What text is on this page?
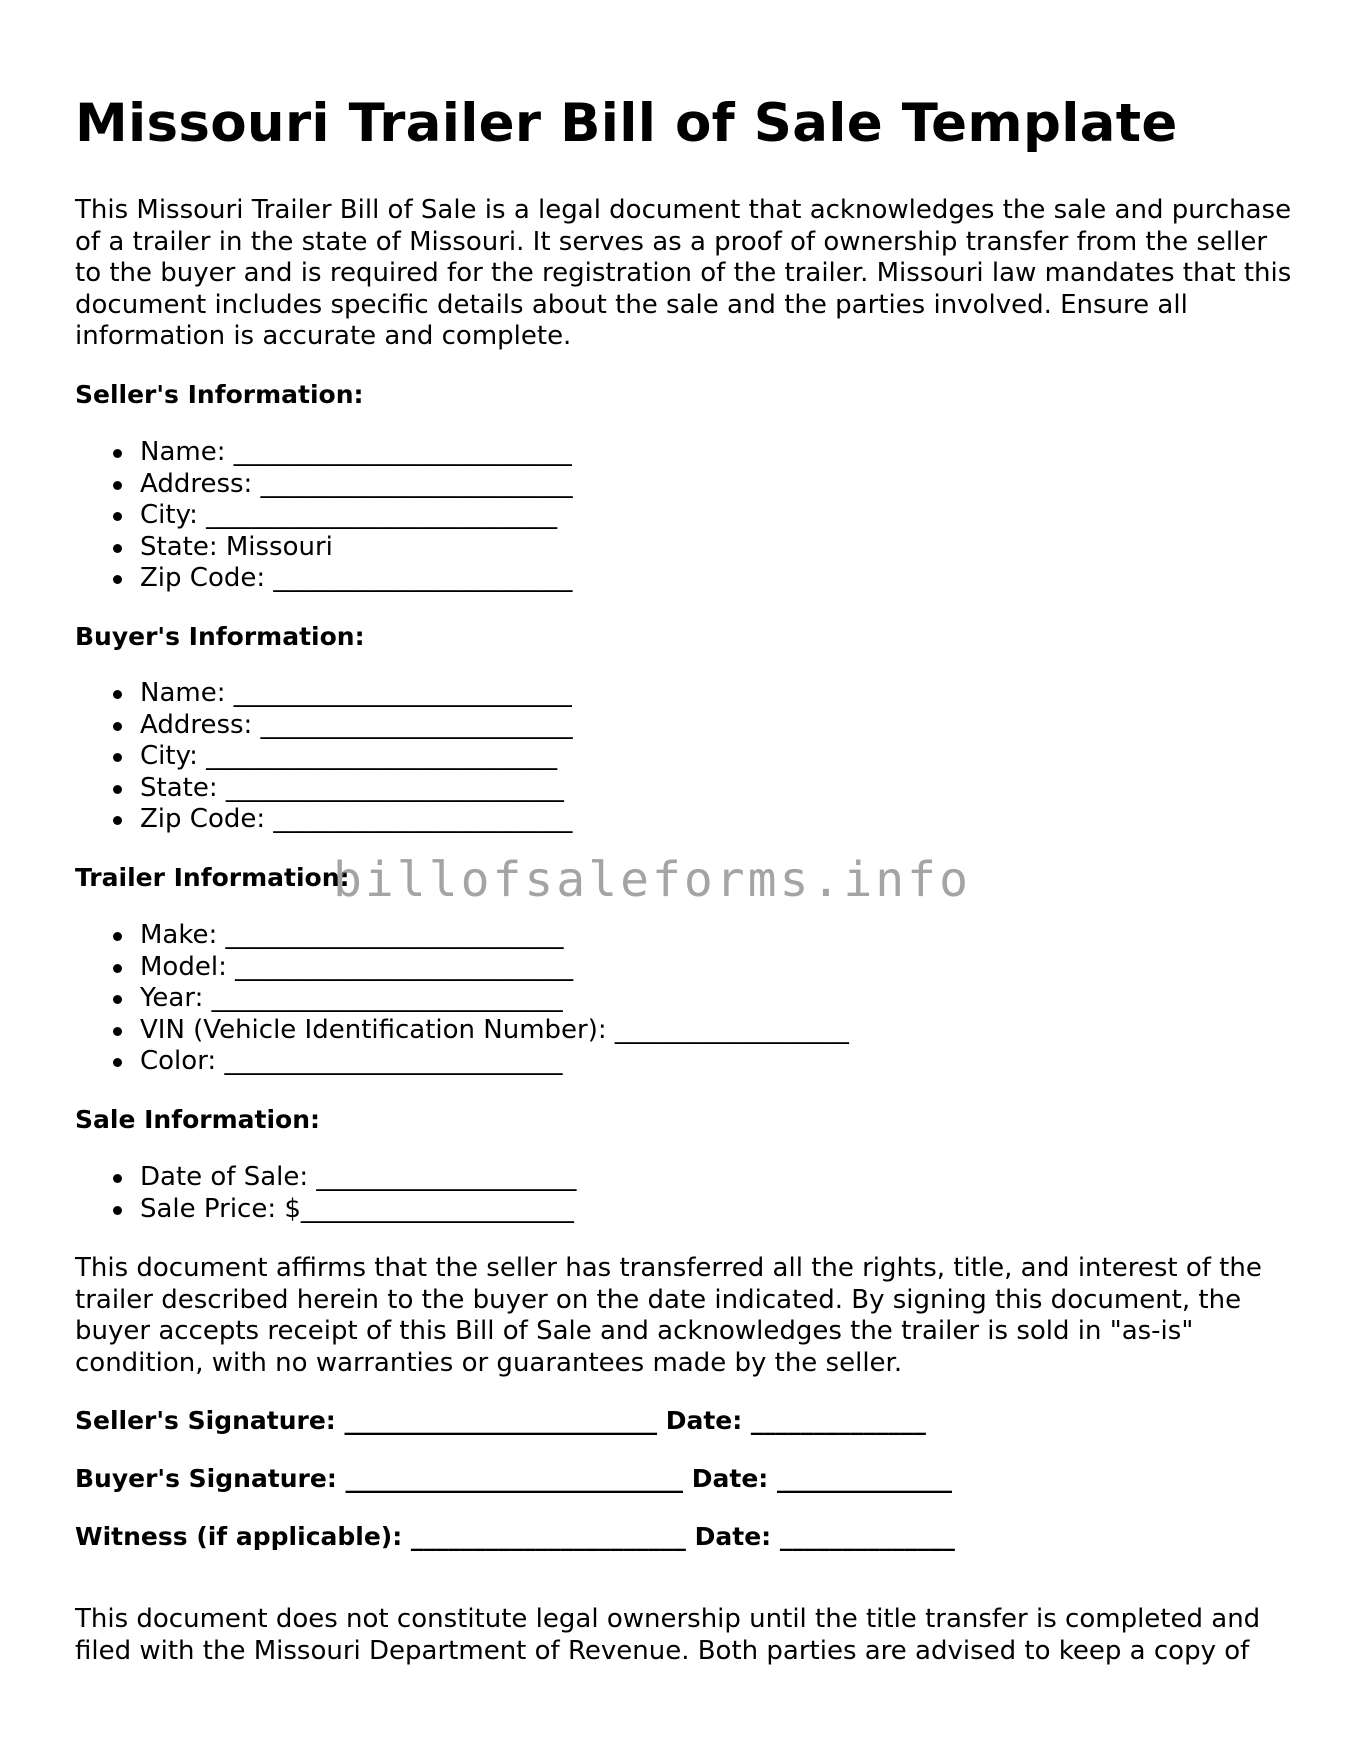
Missouri Trailer Bill of Sale Template

This Missouri Trailer Bill of Sale is a legal document that acknowledges the sale and purchase of a trailer in the state of Missouri. It serves as a proof of ownership transfer from the seller to the buyer and is required for the registration of the trailer. Missouri law mandates that this document includes specific details about the sale and the parties involved. Ensure all information is accurate and complete.

Seller's Information:
Name: __________________________
Address: ________________________
City: ___________________________
State: Missouri
Zip Code: _______________________
Buyer's Information:
Name: __________________________
Address: ________________________
City: ___________________________
State: __________________________
Zip Code: _______________________
Trailer Information:
Make: __________________________
Model: __________________________
Year: ___________________________
VIN (Vehicle Identification Number): __________________
Color: __________________________
Sale Information:
Date of Sale: ____________________
Sale Price: $_____________________

This document affirms that the seller has transferred all the rights, title, and interest of the trailer described herein to the buyer on the date indicated. By signing this document, the buyer accepts receipt of this Bill of Sale and acknowledges the trailer is sold in "as-is" condition, with no warranties or guarantees made by the seller.

Seller's Signature: _________________________ Date: ______________

Buyer's Signature: ___________________________ Date: ______________

Witness (if applicable): ______________________ Date: ______________

This document does not constitute legal ownership until the title transfer is completed and filed with the Missouri Department of Revenue. Both parties are advised to keep a copy of

billofsaleforms.info
